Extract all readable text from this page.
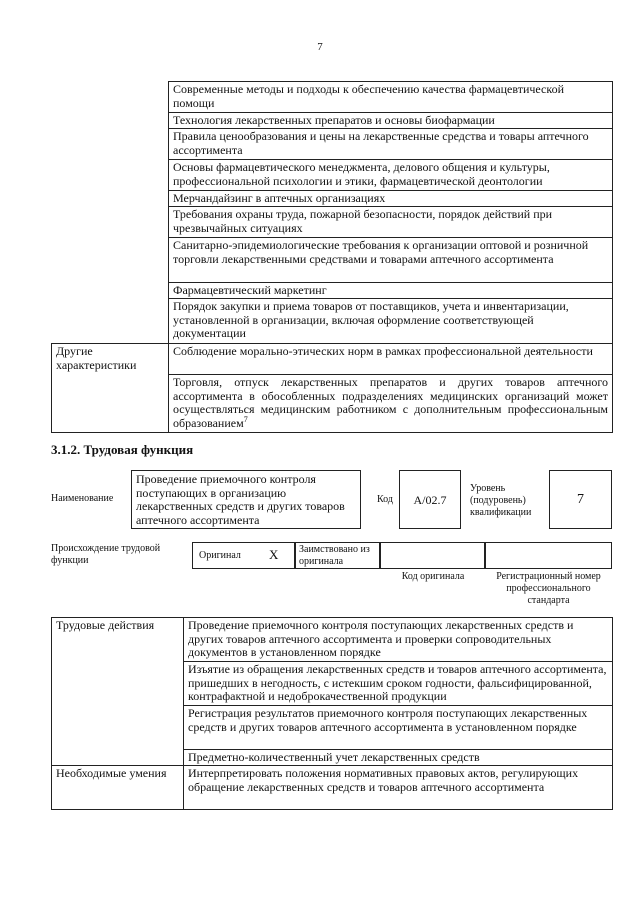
7
	Современные методы и подходы к обеспечению качества фармацевтической помощи
	Технология лекарственных препаратов и основы биофармации
	Правила ценообразования и цены на лекарственные средства и товары аптечного ассортимента
	Основы фармацевтического менеджмента, делового общения и культуры, профессиональной психологии и этики, фармацевтической деонтологии
	Мерчандайзинг в аптечных организациях
	Требования охраны труда, пожарной безопасности, порядок действий при чрезвычайных ситуациях
	Санитарно-эпидемиологические требования к организации оптовой и розничной торговли лекарственными средствами и товарами аптечного ассортимента
	Фармацевтический маркетинг
	Порядок закупки и приема товаров от поставщиков, учета и инвентаризации, установленной в организации, включая оформление соответствующей документации
Другие характеристики	Соблюдение морально-этических норм в рамках профессиональной деятельности
	Торговля, отпуск лекарственных препаратов и других товаров аптечного ассортимента в обособленных подразделениях медицинских организаций может осуществляться медицинским работником с дополнительным профессиональным образованием$^7$
3.1.2. Трудовая функция
Наименование
Проведение приемочного контроля поступающих в организацию лекарственных средств и других товаров аптечного ассортимента
Код	А/02.7
Уровень (подуровень) квалификации
7
Происхождение трудовой функции	Оригинал Х	Заимствовано из оригинала
Код оригинала	Регистрационный номер профессионального стандарта
Трудовые действия	Проведение приемочного контроля поступающих лекарственных средств и других товаров аптечного ассортимента и проверки сопроводительных документов в установленном порядке
	Изъятие из обращения лекарственных средств и товаров аптечного ассортимента, пришедших в негодность, с истекшим сроком годности, фальсифицированной, контрафактной и недоброкачественной продукции
	Регистрация результатов приемочного контроля поступающих лекарственных средств и других товаров аптечного ассортимента в установленном порядке
	Предметно-количественный учет лекарственных средств
Необходимые умения	Интерпретировать положения нормативных правовых актов, регулирующих обращение лекарственных средств и товаров аптечного ассортимента
